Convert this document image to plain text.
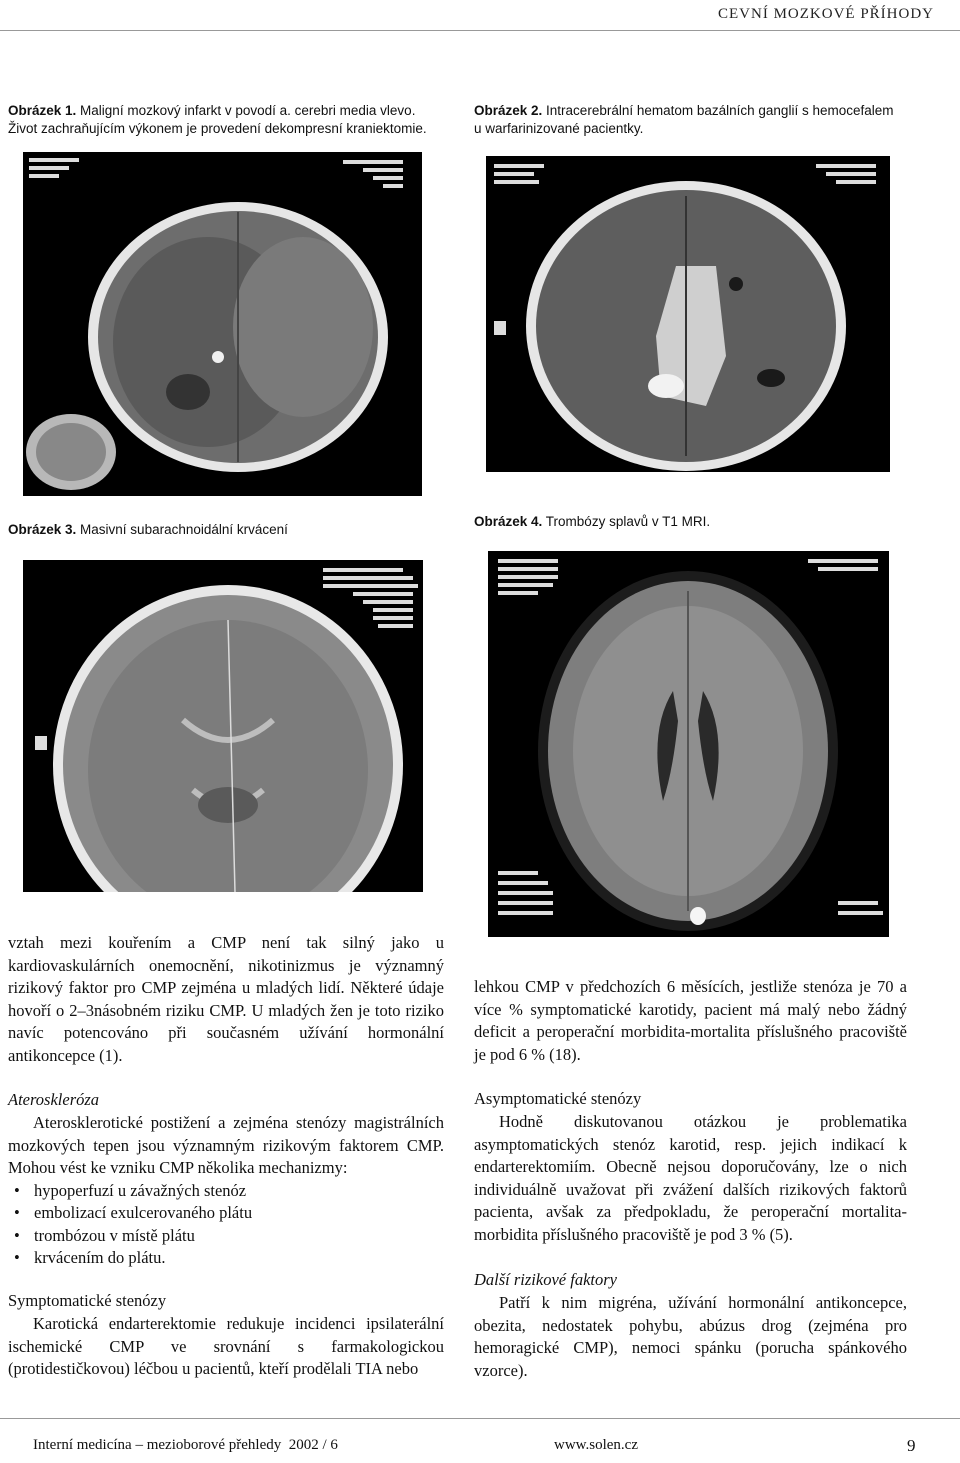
CEVNÍ MOZKOVÉ PŘÍHODY
Obrázek 1. Maligní mozkový infarkt v povodí a. cerebri media vlevo. Život zachraňujícím výkonem je provedení dekompresní kraniektomie.
Obrázek 2. Intracerebrální hematom bazálních ganglií s hemocefalem u warfarinizované pacientky.
Obrázek 3. Masivní subarachnoidální krvácení
Obrázek 4. Trombózy splavů v T1 MRI.

vztah mezi kouřením a CMP není tak silný jako u kardiovaskulárních onemocnění, nikotinizmus je významný rizikový faktor pro CMP zejména u mladých lidí. Některé údaje hovoří o 2–3násobném riziku CMP. U mladých žen je toto riziko navíc potencováno při současném užívání hormonální antikoncepce (1).

Ateroskleróza

Aterosklerotické postižení a zejména stenózy magistrálních mozkových tepen jsou významným rizikovým faktorem CMP. Mohou vést ke vzniku CMP několika mechanizmy:

• hypoperfuzí u závažných stenóz
• embolizací exulcerovaného plátu
• trombózou v místě plátu
• krvácením do plátu.
Symptomatické stenózy

Karotická endarterektomie redukuje incidenci ipsilaterální ischemické CMP ve srovnání s farmakologickou (protidestičkovou) léčbou u pacientů, kteří prodělali TIA nebo

lehkou CMP v předchozích 6 měsících, jestliže stenóza je 70 a více % symptomatické karotidy, pacient má malý nebo žádný deficit a peroperační morbidita-mortalita příslušného pracoviště je pod 6 % (18).

Asymptomatické stenózy

Hodně diskutovanou otázkou je problematika asymptomatických stenóz karotid, resp. jejich indikací k endarterektomiím. Obecně nejsou doporučovány, lze o nich individuálně uvažovat při zvážení dalších rizikových faktorů pacienta, avšak za předpokladu, že peroperační mortalita-morbidita příslušného pracoviště je pod 3 % (5).

Další rizikové faktory

Patří k nim migréna, užívání hormonální antikoncepce, obezita, nedostatek pohybu, abúzus drog (zejména pro hemoragické CMP), nemoci spánku (porucha spánkového vzorce).

Interní medicína – mezioborové přehledy  2002 / 6	www.solen.cz	9
